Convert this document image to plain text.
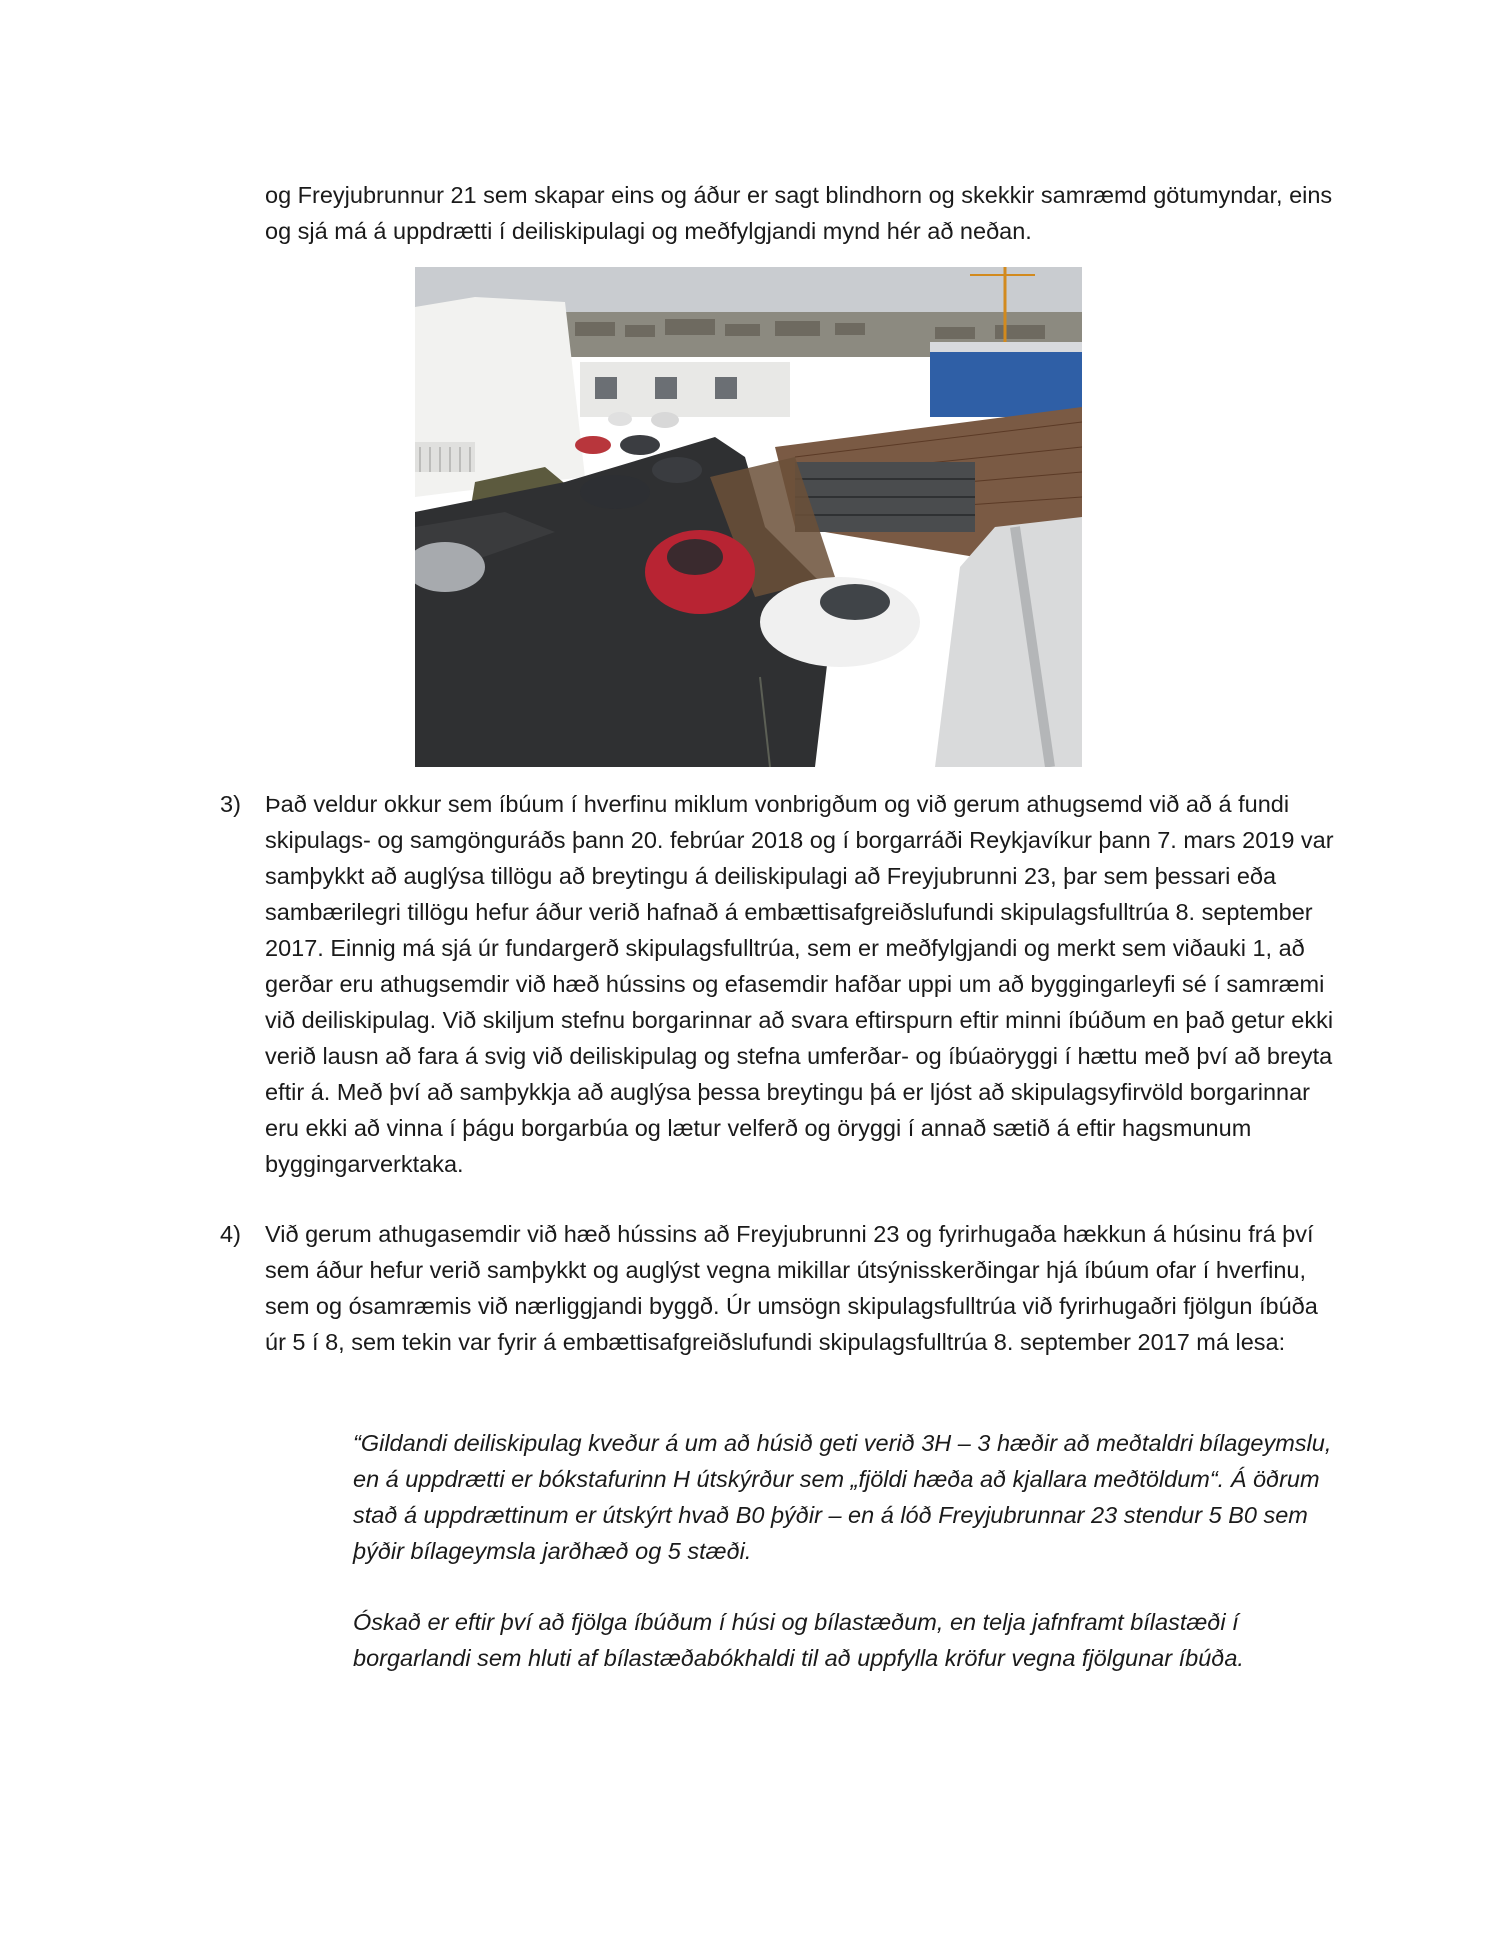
og Freyjubrunnur 21 sem skapar eins og áður er sagt blindhorn og skekkir samræmd götumyndar, eins og sjá má á uppdrætti í deiliskipulagi og meðfylgjandi mynd hér að neðan.

3) Það veldur okkur sem íbúum í hverfinu miklum vonbrigðum og við gerum athugsemd við að á fundi skipulags- og samgönguráðs þann 20. febrúar 2018 og í borgarráði Reykjavíkur þann 7. mars 2019 var samþykkt að auglýsa tillögu að breytingu á deiliskipulagi að Freyjubrunni 23, þar sem þessari eða sambærilegri tillögu hefur áður verið hafnað á embættisafgreiðslufundi skipulagsfulltrúa 8. september 2017. Einnig má sjá úr fundargerð skipulagsfulltrúa, sem er meðfylgjandi og merkt sem viðauki 1, að gerðar eru athugsemdir við hæð hússins og efasemdir hafðar uppi um að byggingarleyfi sé í samræmi við deiliskipulag. Við skiljum stefnu borgarinnar að svara eftirspurn eftir minni íbúðum en það getur ekki verið lausn að fara á svig við deiliskipulag og stefna umferðar- og íbúaöryggi í hættu með því að breyta eftir á. Með því að samþykkja að auglýsa þessa breytingu þá er ljóst að skipulagsyfirvöld borgarinnar eru ekki að vinna í þágu borgarbúa og lætur velferð og öryggi í annað sætið á eftir hagsmunum byggingarverktaka.

4) Við gerum athugasemdir við hæð hússins að Freyjubrunni 23 og fyrirhugaða hækkun á húsinu frá því sem áður hefur verið samþykkt og auglýst vegna mikillar útsýnisskerðingar hjá íbúum ofar í hverfinu, sem og ósamræmis við nærliggjandi byggð. Úr umsögn skipulagsfulltrúa við fyrirhugaðri fjölgun íbúða úr 5 í 8, sem tekin var fyrir á embættisafgreiðslufundi skipulagsfulltrúa 8. september 2017 má lesa:

“Gildandi deiliskipulag kveður á um að húsið geti verið 3H – 3 hæðir að meðtaldri bílageymslu, en á uppdrætti er bókstafurinn H útskýrður sem „fjöldi hæða að kjallara meðtöldum“. Á öðrum stað á uppdrættinum er útskýrt hvað B0 þýðir – en á lóð Freyjubrunnar 23 stendur 5 B0 sem þýðir bílageymsla jarðhæð og 5 stæði.

Óskað er eftir því að fjölga íbúðum í húsi og bílastæðum, en telja jafnframt bílastæði í borgarlandi sem hluti af bílastæðabókhaldi til að uppfylla kröfur vegna fjölgunar íbúða.
